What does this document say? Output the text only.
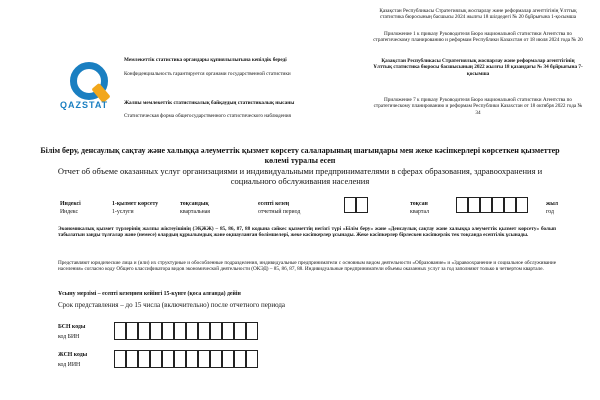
Қазақстан Республикасы Стратегиялық жоспарлау және реформалар агенттігінің Ұлттық статистика бюросының басшысы 2024 жылғы 18 шілдедегі № 20 бұйрығына 1-қосымша
Приложение 1 к приказу Руководителя Бюро национальной статистики Агентства по стратегическому планированию и реформам Республики Казахстан от 18 июля 2024 года № 20
Қазақстан Республикасы Стратегиялық жоспарлау және реформалар агенттігінің Ұлттық статистика бюросы басшысының 2022 жылғы 18 қазандағы № 34 бұйрығына 7-қосымша
Приложение 7 к приказу Руководителя Бюро национальной статистики Агентства по стратегическому планированию и реформам Республики Казахстан от 18 октября 2022 года № 34
QAZSTAT
Мемлекеттік статистика органдары құпиялылығына кепілдік береді
Конфиденциальность гарантируется органами государственной статистики
Жалпы мемлекеттік статистикалық байқаудың статистикалық нысаны
Статистическая форма общегосударственного статистического наблюдения
Білім беру, денсаулық сақтау және халыққа әлеуметтік қызмет көрсету салаларының шағындары мен жеке кәсіпкерлері көрсеткен қызметтер көлемі туралы есеп
Отчет об объеме оказанных услуг организациями и индивидуальными предпринимателями в сферах образования, здравоохранения и социального обслуживания населения
Индексі
Индекс
1-қызмет көрсету
1-услуги
тоқсандық
квартальная
есепті кезең
отчетный период
тоқсан
квартал
жыл
год
Экономикалық қызмет түрлерінің жалпы жіктеуішінің (ЭҚЖЖ) – 85, 86, 87, 88 кодына сәйкес қызметтің негізгі түрі «Білім беру» және «Денсаулық сақтау және халыққа әлеуметтік қызмет көрсету» болып табылатын заңды тұлғалар және (немесе) олардың құрылымдық және оқшауланған бөлімшелері, жеке кәсіпкерлер ұсынады. Жеке кәсіпкерлер бірлескен кәсіпкерлік тек тоқсанда есептілік ұсынады.
Представляют юридические лица и (или) их структурные и обособленные подразделения, индивидуальные предприниматели с основным видом деятельности «Образование» и «Здравоохранение и социальное обслуживание населения» согласно коду Общего классификатора видов экономической деятельности (ОКЭД) – 85, 86, 87, 88. Индивидуальные предприниматели объемы оказанных услуг за год заполняют только в четвертом квартале.
Ұсыну мерзімі – есепті кезеңнен кейінгі 15-күнге (қоса алғанда) дейін
Срок представления – до 15 числа (включительно) после отчетного периода
БСН коды
код БИН
ЖСН коды
код ИИН
